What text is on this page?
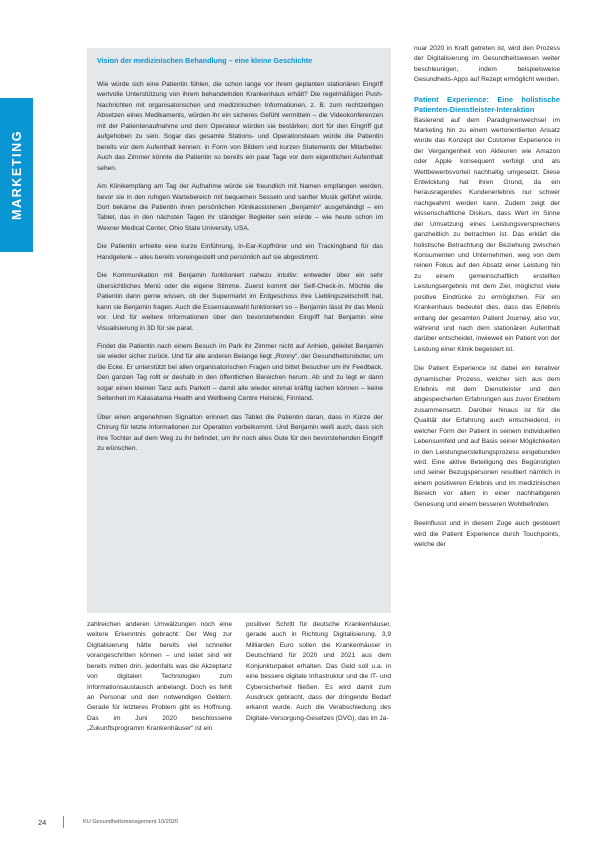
MARKETING
Vision der medizinischen Behandlung – eine kleine Geschichte

Wie würde sich eine Patientin fühlen, die schon lange vor ihrem geplanten stationären Eingriff wertvolle Unterstützung von ihrem behandelnden Krankenhaus erhält? Die regelmäßigen Push-Nachrichten mit organisatorischen und medizinischen Informationen, z. B. zum rechtzeitigen Absetzen eines Medikaments, würden ihr ein sicheres Gefühl vermitteln – die Videokonferenzen mit der Patientenaufnahme und dem Operateur würden sie bestärken; dort für den Eingriff gut aufgehoben zu sein. Sogar das gesamte Stations- und Operationsteam würde die Patientin bereits vor dem Aufenthalt kennen: in Form von Bildern und kurzen Statements der Mitarbeiter. Auch das Zimmer könnte die Patientin so bereits ein paar Tage vor dem eigentlichen Aufenthalt sehen.

Am Klinikempfang am Tag der Aufnahme würde sie freundlich mit Namen empfangen werden, bevor sie in den ruhigen Wartebereich mit bequemen Sesseln und sanfter Musik geführt würde. Dort bekäme die Patientin ihren persönlichen Klinikassistenen „Benjamin“ ausgehändigt – ein Tablet, das in den nächsten Tagen ihr ständiger Begleiter sein würde – wie heute schon im Wexner Medical Center, Ohio State University, USA.

Die Patientin erhielte eine kurze Einführung, In-Ear-Kopfhörer und ein Trackingband für das Handgelenk – alles bereits voreingestellt und persönlich auf sie abgestimmt.

Die Kommunikation mit Benjamin funktioniert nahezu intuitiv: entweder über ein sehr übersichtliches Menü oder die eigene Stimme. Zuerst kommt der Self-Check-In. Möchte die Patientin dann gerne wissen, ob der Supermarkt im Erdgeschoss ihre Lieblingszeitschrift hat, kann sie Benjamin fragen. Auch die Essensauswahl funktioniert so – Benjamin lässt ihr das Menü vor. Und für weitere Informationen über den bevorstehenden Eingriff hat Benjamin eine Visualisierung in 3D für sie parat.

Findet die Patientin nach einem Besuch im Park ihr Zimmer nicht auf Anhieb, geleitet Benjamin sie wieder sicher zurück. Und für alle anderen Belange liegt „Ronny“, der Gesundheitsroboter, um die Ecke. Er unterstützt bei allen organisatorischen Fragen und bittet Besucher um ihr Feedback. Den ganzen Tag rollt er deshalb in den öffentlichen Bereichen herum. Ab und zu legt er dann sogar einen kleinen Tanz aufs Parkett – damit alle wieder einmal kräftig lachen können – keine Seltenheit im Kalasatama Health and Wellbeing Centre Helsinki, Finnland.

Über einen angenehmen Signalton erinnert das Tablet die Patientin daran, dass in Kürze der Chirurg für letzte Informationen zur Operation vorbeikommt. Und Benjamin weiß auch, dass sich ihre Tochter auf dem Weg zu ihr befindet, um ihr noch alles Gute für den bevorstehenden Eingriff zu wünschen.

zahlreichen anderen Umwälzungen noch eine weitere Erkenntnis gebracht: Der Weg zur Digitalisierung hätte bereits viel schneller vorangeschritten können – und leitet sind wir bereits mitten drin, jedenfalls was die Akzeptanz von digitalen Technologien zum Informationsaustausch anbelangt. Doch es fehlt an Personal und den notwendigen Geldern. Gerade für letzteres Problem gibt es Hoffnung. Das im Juni 2020 beschlossene „Zukunftsprogramm Krankenhäuser“ ist ein

positiver Schritt für deutsche Krankenhäuser, gerade auch in Richtung Digitalisierung. 3,9 Milliarden Euro sollen die Krankenhäuser in Deutschland für 2020 und 2021 aus dem Konjunkturpaket erhalten. Das Geld soll u.a. in eine bessere digitale Infrastruktur und die IT- und Cybersicherheit fließen. Es wird damit zum Ausdruck gebracht, dass der dringende Bedarf erkannt wurde. Auch die Verabschiedung des Digitale-Versorgung-Gesetzes (DVG), das im Ja-

nuar 2020 in Kraft getreten ist, wird den Prozess der Digitalisierung im Gesundheitswesen weiter beschleunigen, indem beispielsweise Gesundheits-Apps auf Rezept ermöglicht werden.

Patient Experience: Eine holistische Patienten-Dienstleister-Interaktion

Basierend auf dem Paradigmenwechsel im Marketing hin zu einem wertorientierten Ansatz wurde das Konzept der Customer Experience in der Vergangenheit von Akteuren wie Amazon oder Apple konsequent verfolgt und als Wettbewerbsvorteil nachhaltig umgesetzt. Diese Entwicklung hat ihren Grund, da ein herausragendes Kundenerlebnis nur schwer nachgeahmt werden kann. Zudem zeigt der wissenschaftliche Diskurs, dass Wert im Sinne der Umsetzung eines Leistungsversprechens ganzheitlich zu betrachten ist. Das erklärt die holistische Betrachtung der Beziehung zwischen Konsumenten und Unternehmen, weg von dem reinen Fokus auf den Absatz einer Leistung hin zu einem gemeinschaftlich erstellten Leistungsergebnis mit dem Ziel, möglichst viele positive Eindrücke zu ermöglichen. Für ein Krankenhaus bedeutet dies, dass das Erlebnis entlang der gesamten Patient Journey, also vor, während und nach dem stationären Aufenthalt darüber entscheidet, inwieweit ein Patient von der Leistung einer Klinik begeistert ist.

Die Patient Experience ist dabei ein iterativer dynamischer Prozess, welcher sich aus dem Erlebnis mit dem Dienstleister und den abgespeicherten Erfahrungen aus zuvor Erlebtem zusammensetzt. Darüber hinaus ist für die Qualität der Erfahrung auch entscheidend, in welcher Form der Patient in seinem individuellen Lebensumfeld und auf Basis seiner Möglichkeiten in den Leistungserstellungsprozess eingebunden wird. Eine aktive Beteiligung des Begünstigten und seiner Bezugspersonen resultiert nämlich in einem positiveren Erlebnis und im medizinischen Bereich vor allem in einer nachhaltigeren Genesung und einem besseren Wohlbefinden.

Beeinflusst und in diesem Zuge auch gesteuert wird die Patient Experience durch Touchpoints, welche der

24	KU Gesundheitsmanagement 10/2020
